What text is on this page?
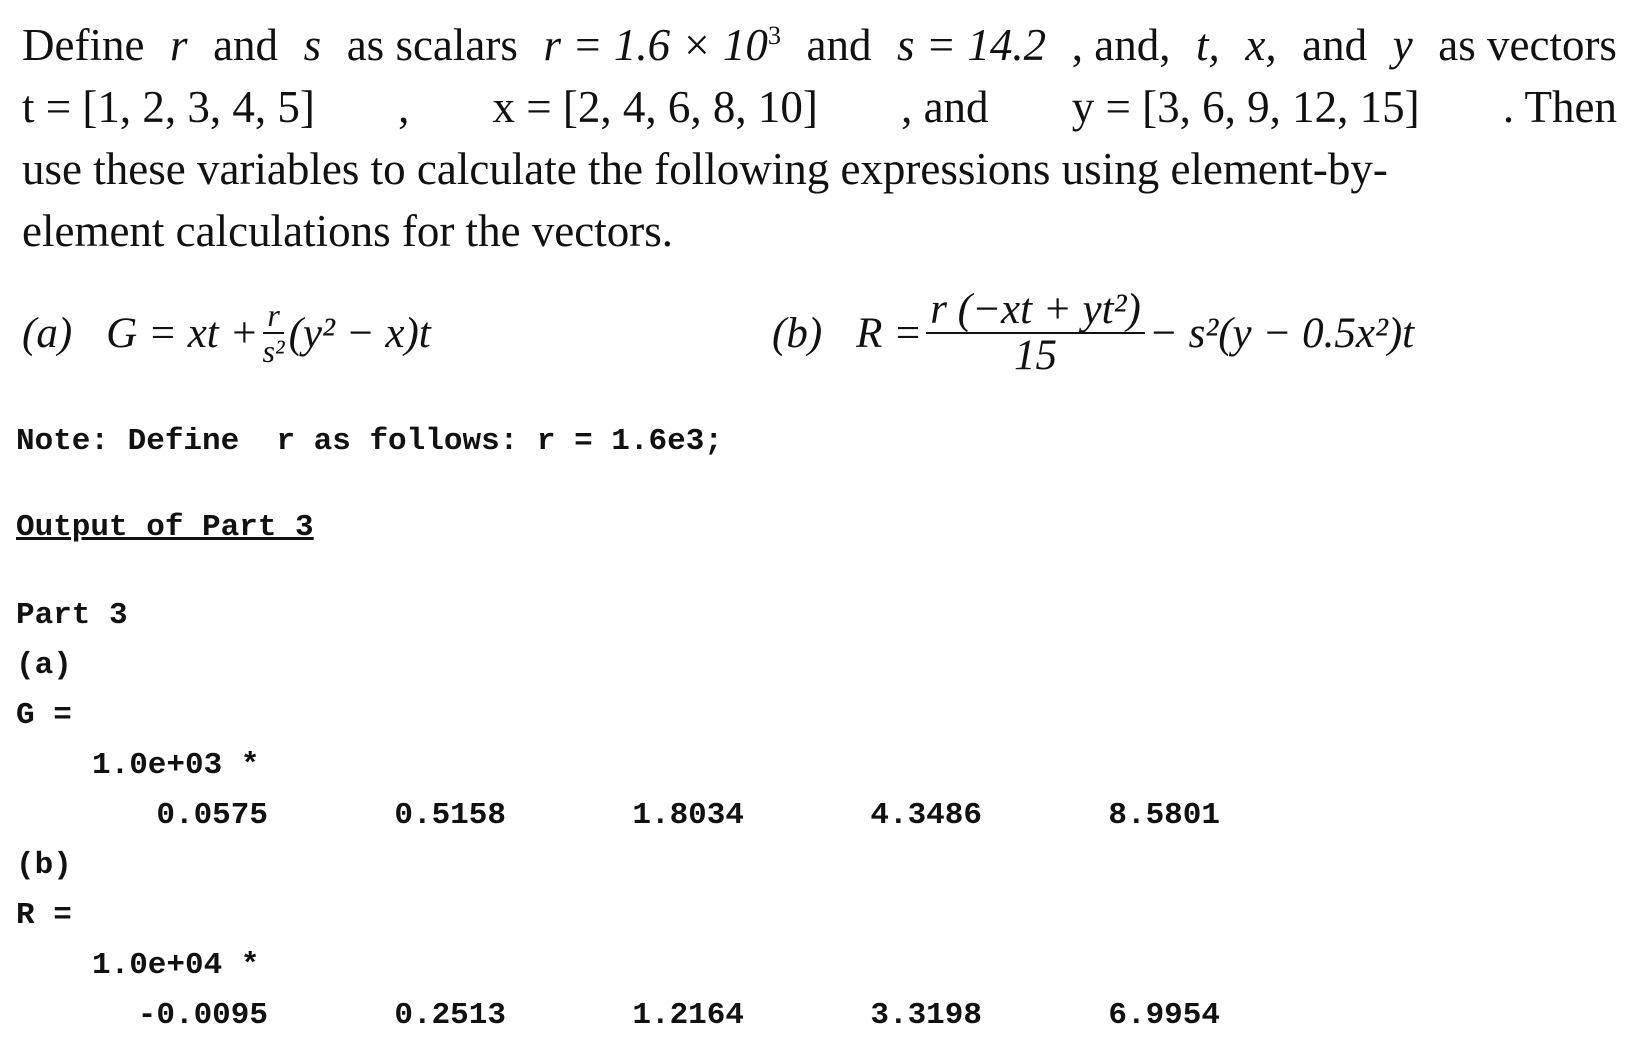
Define r and s as scalars $r = 1.6 \times 10^3$ and s = 14.2 , and, t, x, and y as vectors
t = [1, 2, 3, 4, 5] , x = [2, 4, 6, 8, 10] , and y = [3, 6, 9, 12, 15] . Then
use these variables to calculate the following expressions using element-by-
element calculations for the vectors.
(a) G = xt + $\frac{r}{\text{s²}} (y^2 - x)t$	(b) $R = \frac{\text{r (−xt + yt²)}}{15} - s^2(y - 0.5x^2)t$
Note: Define  r as follows: r = 1.6e3;
Output of Part 3
Part 3
(a)
G =
1.0e+03 *
0.0575	0.5158	1.8034	4.3486	8.5801
(b)
R =
1.0e+04 *
-0.0095	0.2513	1.2164	3.3198	6.9954
